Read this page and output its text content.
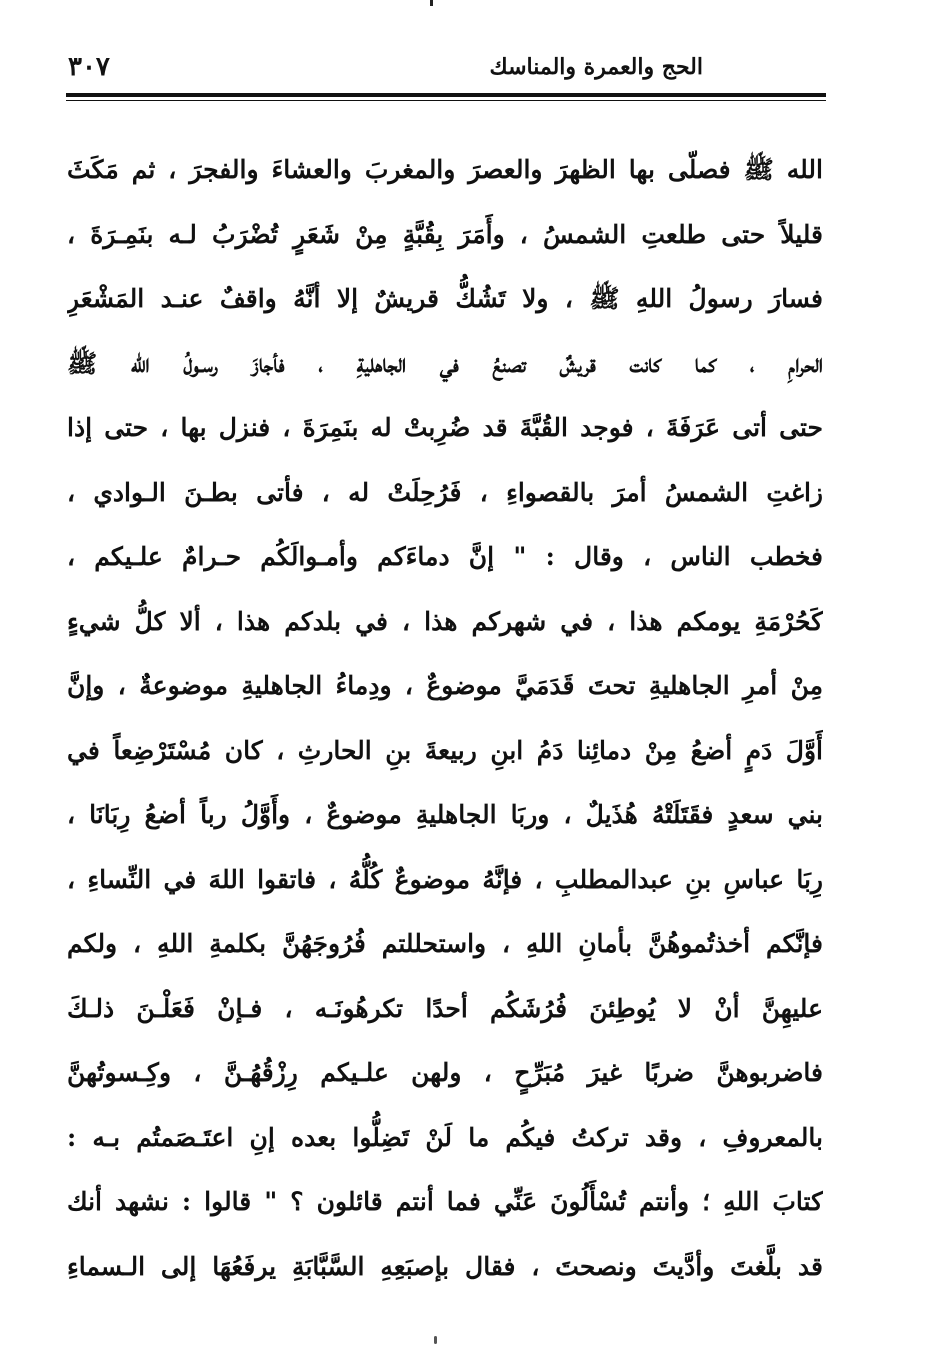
الحج والعمرة والمناسك
٣٠٧
الله ﷺ فصلّى بها الظهرَ والعصرَ والمغربَ والعشاءَ والفجرَ ، ثم مَكَثَ
قليلاً حتى طلعتِ الشمسُ ، وأَمَرَ بِقُبَّةٍ مِنْ شَعَرٍ تُضْرَبُ لـه بنَمِـرَةَ ،
فسارَ رسولُ اللهِ ﷺ ، ولا تَشُكُّ قريشٌ إلا أنَّهُ واقفٌ عنـد المَشْعَرِ
الحرامِ ، كما كانت قريشٌ تصنعُ في الجاهليةِ ، فأجازَ رسـولُ الله ﷺ
حتى أتى عَرَفَةَ ، فوجد القُبَّةَ قد ضُرِبتْ له بنَمِرَةَ ، فنزل بها ، حتى إذا
زاغتِ الشمسُ أمرَ بالقصواءِ ، فَرُحِلَتْ له ، فأتى بطـنَ الـوادي ،
فخطب الناس ، وقال : " إنَّ دماءَكم وأمـوالَكُم حـرامٌ علـيكم ،
كَحُرْمَةِ يومكم هذا ، في شهركم هذا ، في بلدكم هذا ، ألا كلُّ شيءٍ
مِنْ أمرِ الجاهليةِ تحتَ قَدَمَيَّ موضوعٌ ، ودِماءُ الجاهليةِ موضوعةٌ ، وإنَّ
أَوَّلَ دَمٍ أضعُ مِنْ دمائِنا دَمُ ابنِ ربيعةَ بنِ الحارثِ ، كان مُسْتَرْضِعاً في
بني سعدٍ فقَتَلَتْهُ هُذَيلٌ ، وربَا الجاهليةِ موضوعٌ ، وأَوَّلُ رباً أضعُ رِبَانَا ،
رِبَا عباسِ بنِ عبدالمطلبِ ، فإنَّهُ موضوعٌ كُلُّهُ ، فاتقوا اللهَ في النِّساءِ ،
فإنَّكم أخذتُموهُنَّ بأمانِ اللهِ ، واستحللتم فُرُوجَهُنَّ بكلمةِ اللهِ ، ولكم
عليهِنَّ أنْ لا يُوطِئنَ فُرُشَكُم أحدًا تكرهُونَـه ، فـإنْ فَعَلْـنَ ذلـكَ
فاضربوهنَّ ضربًا غيرَ مُبَرِّحٍ ، ولهن علـيكم رِزْقُهُـنَّ ، وكِـسوتُهنَّ
بالمعروفِ ، وقد تركتُ فيكُم ما لَنْ تَضِلُّوا بعده إنِ اعتَـصَمتُم بـه :
كتابَ اللهِ ؛ وأنتم تُسْأَلُونَ عَنِّي فما أنتم قائلون ؟ " قالوا : نشهد أنك
قد بلَّغتَ وأدَّيتَ ونصحتَ ، فقال بإصبَعِهِ السَّبَّابَةِ يرفَعُهَا إلى الـسماءِ
